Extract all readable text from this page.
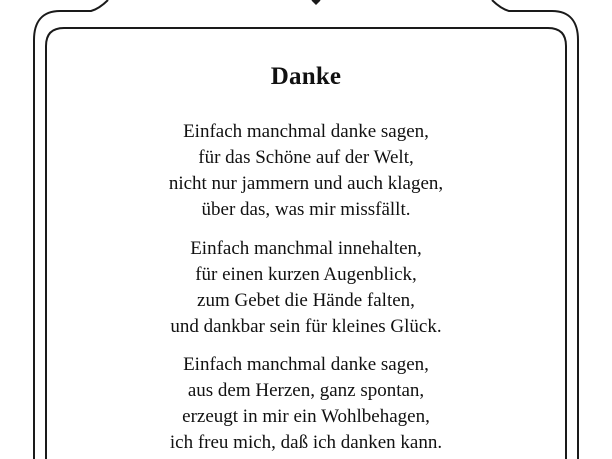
Danke
Einfach manchmal danke sagen,
für das Schöne auf der Welt,
nicht nur jammern und auch klagen,
über das, was mir missfällt.
Einfach manchmal innehalten,
für einen kurzen Augenblick,
zum Gebet die Hände falten,
und dankbar sein für kleines Glück.
Einfach manchmal danke sagen,
aus dem Herzen, ganz spontan,
erzeugt in mir ein Wohlbehagen,
ich freu mich, daß ich danken kann.
